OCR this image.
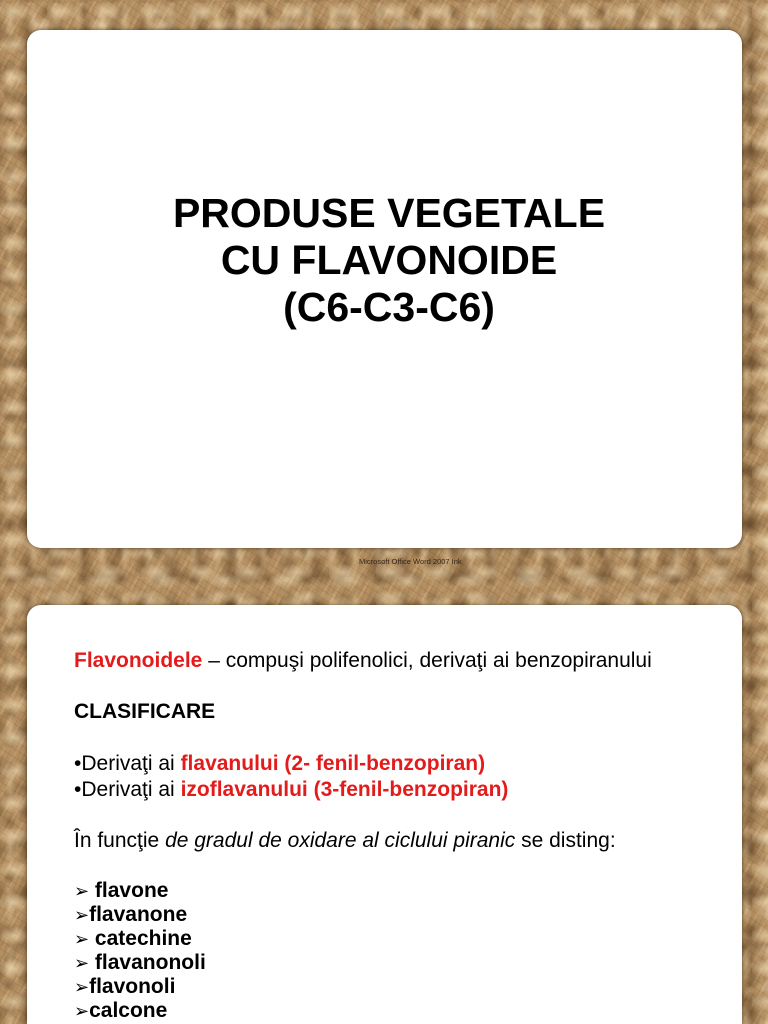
PRODUSE VEGETALE
CU FLAVONOIDE
(C6-C3-C6)
Microsoft Office Word 2007 Ink
Flavonoidele – compuşi polifenolici, derivaţi ai benzopiranului
CLASIFICARE
•Derivaţi ai flavanului (2- fenil-benzopiran)
•Derivaţi ai izoflavanului (3-fenil-benzopiran)
În funcţie de gradul de oxidare al ciclului piranic se disting:
➢ flavone
➢flavanone
➢ catechine
➢ flavanonoli
➢flavonoli
➢calcone
